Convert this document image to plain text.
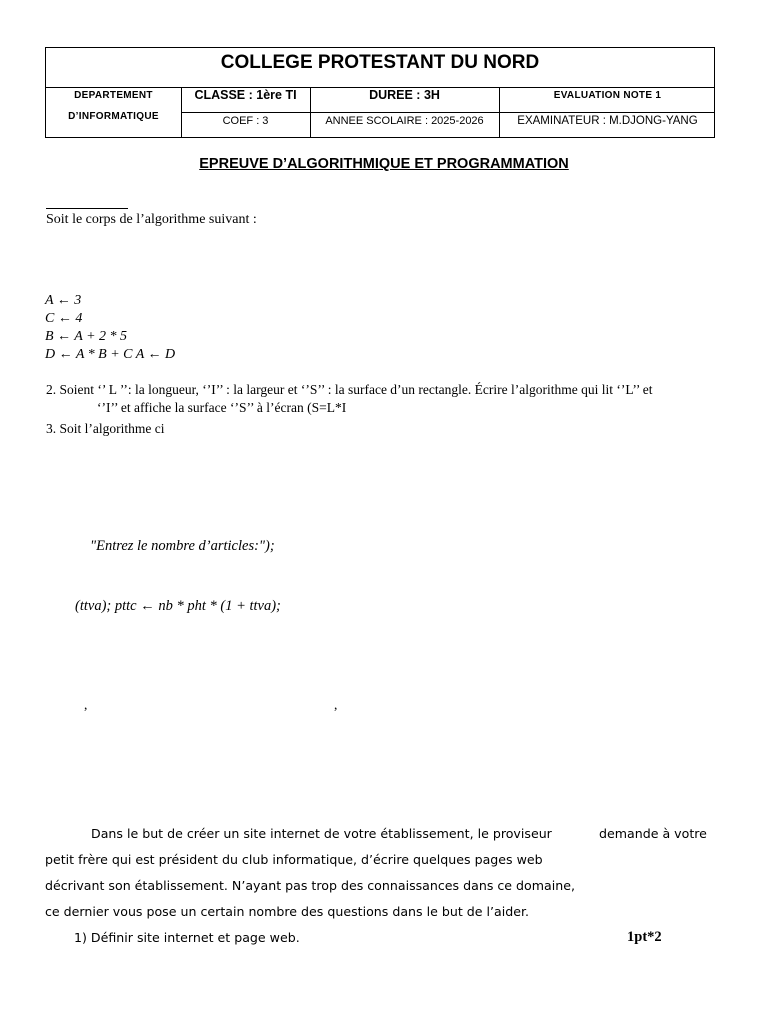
COLLEGE PROTESTANT DU NORD
DEPARTEMENT
D’INFORMATIQUE
CLASSE : 1ère TI	DUREE : 3H	EVALUATION NOTE 1
COEF : 3	ANNEE SCOLAIRE : 2025-2026	EXAMINATEUR : M.DJONG-YANG
EPREUVE D’ALGORITHMIQUE ET PROGRAMMATION
Soit le corps de l’algorithme suivant :
A ← 3
C ← 4
B ← A + 2 * 5
D ← A * B + C A ← D
2. Soient ‘’ L ’’: la longueur, ‘’I’’ : la largeur et ‘’S’’ : la surface d’un rectangle. Écrire l’algorithme qui lit ‘’L’’ et
‘’I’’ et affiche la surface ‘’S’’ à l’écran (S=L*I
3. Soit l’algorithme ci
"Entrez le nombre d’articles:");
(ttva); pttc ← nb * pht * (1 + ttva);
,	,
Dans le but de créer un site internet de votre établissement, le proviseur	demande à votre
petit frère qui est président du club informatique, d’écrire quelques pages web
décrivant son établissement. N’ayant pas trop des connaissances dans ce domaine,
ce dernier vous pose un certain nombre des questions dans le but de l’aider.
1) Définir site internet et page web.	1pt*2
